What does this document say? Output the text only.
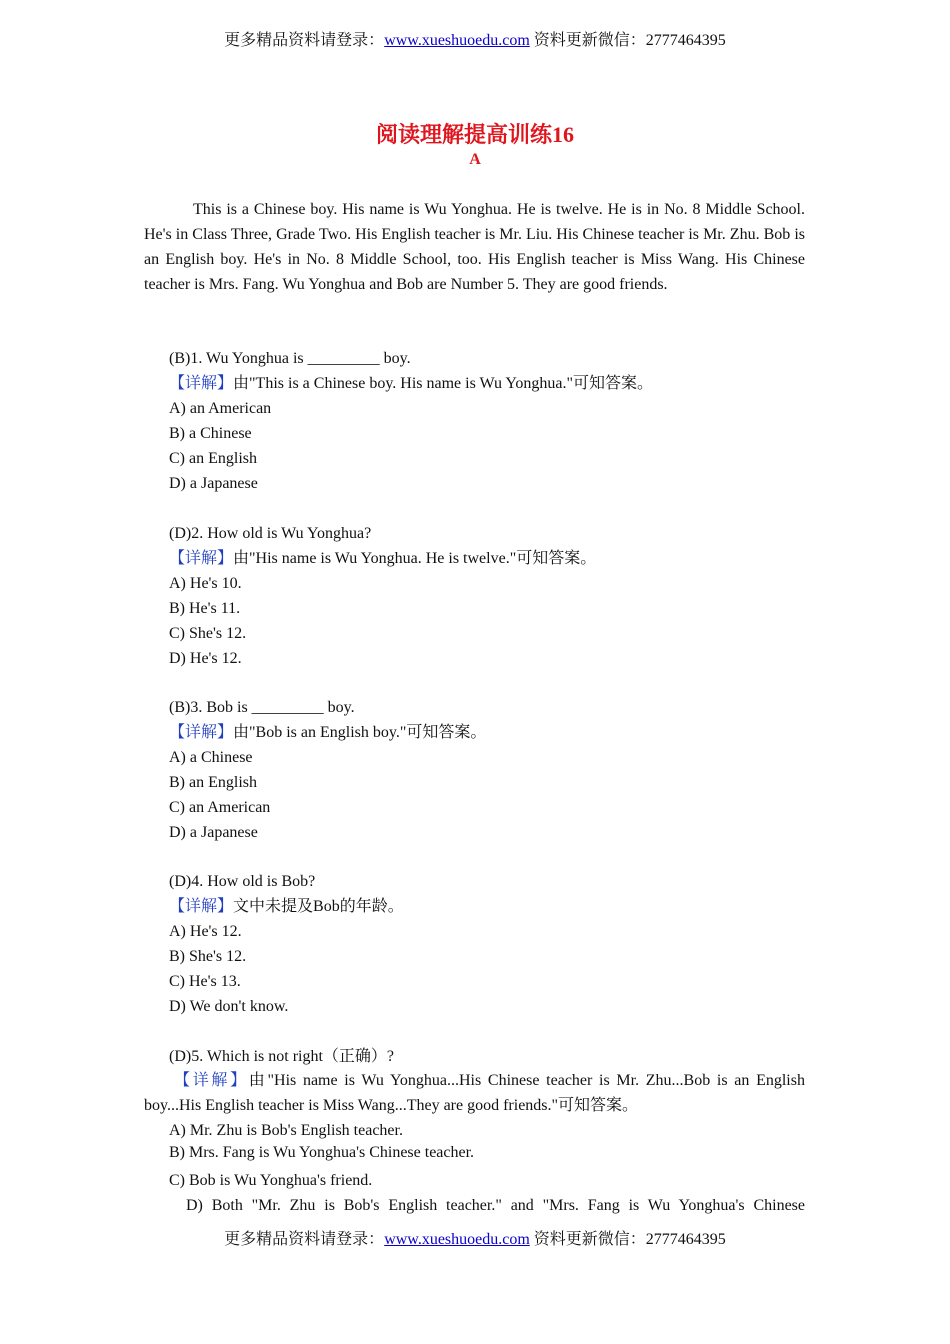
更多精品资料请登录：www.xueshuoedu.com 资料更新微信：2777464395
阅读理解提高训练16
A

This is a Chinese boy. His name is Wu Yonghua. He is twelve. He is in No. 8 Middle School. He's in Class Three, Grade Two. His English teacher is Mr. Liu. His Chinese teacher is Mr. Zhu. Bob is an English boy. He's in No. 8 Middle School, too. His English teacher is Miss Wang. His Chinese teacher is Mrs. Fang. Wu Yonghua and Bob are Number 5. They are good friends.

(B)1. Wu Yonghua is _________ boy.

【详解】由"This is a Chinese boy. His name is Wu Yonghua."可知答案。

A) an American

B) a Chinese

C) an English

D) a Japanese

(D)2. How old is Wu Yonghua?

【详解】由"His name is Wu Yonghua. He is twelve."可知答案。

A) He's 10.

B) He's 11.

C) She's 12.

D) He's 12.

(B)3. Bob is _________ boy.

【详解】由"Bob is an English boy."可知答案。

A) a Chinese

B) an English

C) an American

D) a Japanese

(D)4. How old is Bob?

【详解】文中未提及Bob的年龄。

A) He's 12.

B) She's 12.

C) He's 13.

D) We don't know.

(D)5. Which is not right（正确）?

【详解】由"His name is Wu Yonghua...His Chinese teacher is Mr. Zhu...Bob is an English boy...His English teacher is Miss Wang...They are good friends."可知答案。

A) Mr. Zhu is Bob's English teacher.

B) Mrs. Fang is Wu Yonghua's Chinese teacher.

C) Bob is Wu Yonghua's friend.

D) Both "Mr. Zhu is Bob's English teacher." and "Mrs. Fang is Wu Yonghua's Chinese

更多精品资料请登录：www.xueshuoedu.com 资料更新微信：2777464395
